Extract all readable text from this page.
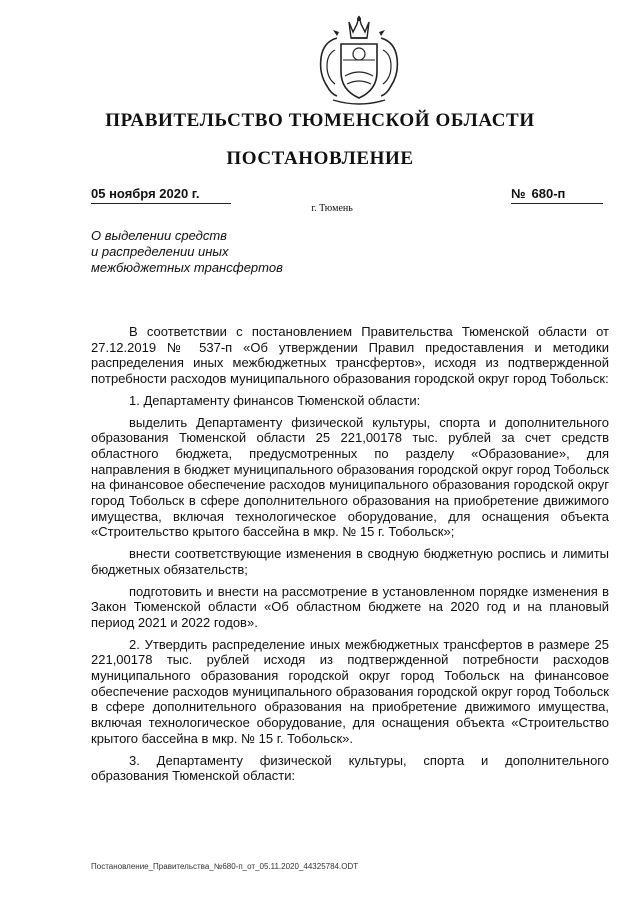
ПРАВИТЕЛЬСТВО ТЮМЕНСКОЙ ОБЛАСТИ
ПОСТАНОВЛЕНИЕ
05 ноября 2020 г.	№ 680-п
г. Тюмень
О выделении средств
и распределении иных
межбюджетных трансфертов

В соответствии с постановлением Правительства Тюменской области от 27.12.2019 № 537-п «Об утверждении Правил предоставления и методики распределения иных межбюджетных трансфертов», исходя из подтвержденной потребности расходов муниципального образования городской округ город Тобольск:

1. Департаменту финансов Тюменской области:

выделить Департаменту физической культуры, спорта и дополнительного образования Тюменской области 25 221,00178 тыс. рублей за счет средств областного бюджета, предусмотренных по разделу «Образование», для направления в бюджет муниципального образования городской округ город Тобольск на финансовое обеспечение расходов муниципального образования городской округ город Тобольск в сфере дополнительного образования на приобретение движимого имущества, включая технологическое оборудование, для оснащения объекта «Строительство крытого бассейна в мкр. № 15 г. Тобольск»;

внести соответствующие изменения в сводную бюджетную роспись и лимиты бюджетных обязательств;

подготовить и внести на рассмотрение в установленном порядке изменения в Закон Тюменской области «Об областном бюджете на 2020 год и на плановый период 2021 и 2022 годов».

2. Утвердить распределение иных межбюджетных трансфертов в размере 25 221,00178 тыс. рублей исходя из подтвержденной потребности расходов муниципального образования городской округ город Тобольск на финансовое обеспечение расходов муниципального образования городской округ город Тобольск в сфере дополнительного образования на приобретение движимого имущества, включая технологическое оборудование, для оснащения объекта «Строительство крытого бассейна в мкр. № 15 г. Тобольск».

3. Департаменту физической культуры, спорта и дополнительного образования Тюменской области:

Постановление_Правительства_№680-п_от_05.11.2020_44325784.ODT
